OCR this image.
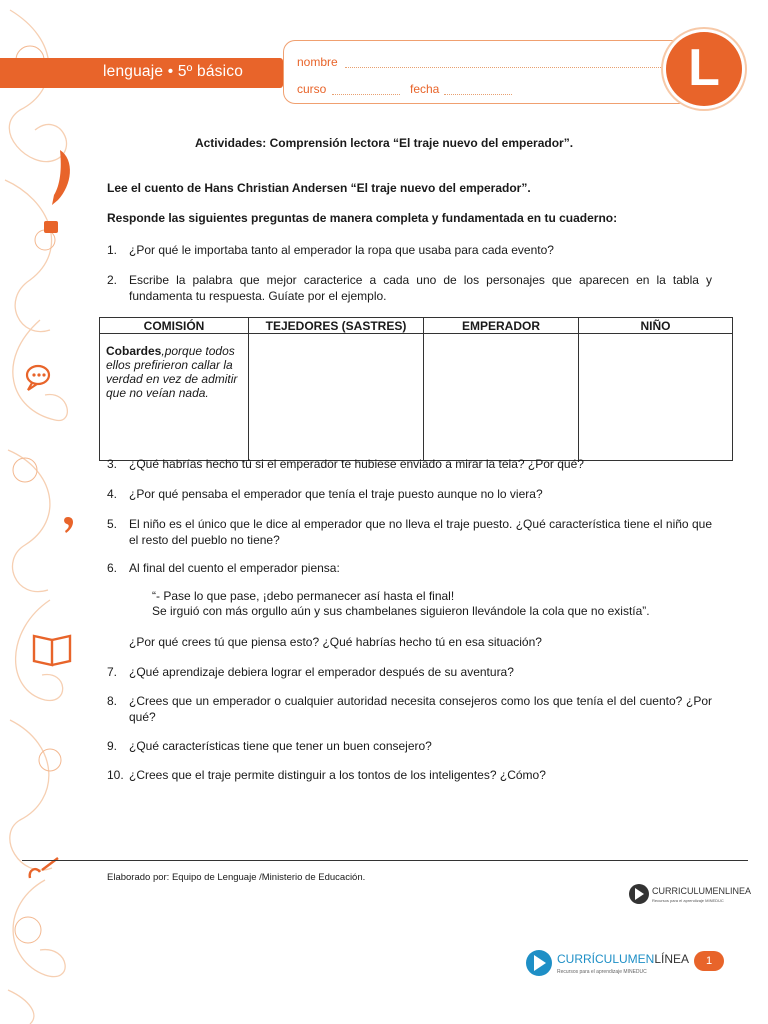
lenguaje • 5º básico
nombre
curso	fecha	L
Actividades: Comprensión lectora “El traje nuevo del emperador”.
Lee el cuento de Hans Christian Andersen “El traje nuevo del emperador”.
Responde las siguientes preguntas de manera completa y fundamentada en tu cuaderno:
1. ¿Por qué le importaba tanto al emperador la ropa que usaba para cada evento?
2. Escribe la palabra que mejor caracterice a cada uno de los personajes que aparecen en la tabla y fundamenta tu respuesta. Guíate por el ejemplo.
COMISIÓN	TEJEDORES (SASTRES)	EMPERADOR	NIÑO
Cobardes,porque todos ellos prefirieron callar la verdad en vez de admitir que no veían nada.			
3. ¿Qué habrías hecho tú si el emperador te hubiese enviado a mirar la tela? ¿Por qué?
4. ¿Por qué pensaba el emperador que tenía el traje puesto aunque no lo viera?
5. El niño es el único que le dice al emperador que no lleva el traje puesto. ¿Qué característica tiene el niño que el resto del pueblo no tiene?
6. Al final del cuento el emperador piensa:
“- Pase lo que pase, ¡debo permanecer así hasta el final!
Se irguió con más orgullo aún y sus chambelanes siguieron llevándole la cola que no existía”.
¿Por qué crees tú que piensa esto? ¿Qué habrías hecho tú en esa situación?
7. ¿Qué aprendizaje debiera lograr el emperador después de su aventura?
8. ¿Crees que un emperador o cualquier autoridad necesita consejeros como los que tenía el del cuento? ¿Por qué?
9. ¿Qué características tiene que tener un buen consejero?
10. ¿Crees que el traje permite distinguir a los tontos de los inteligentes? ¿Cómo?
Elaborado por: Equipo de Lenguaje /Ministerio de Educación.
CURRICULUMENLINEA
Recursos para el aprendizaje MINEDUC
CURRÍCULUMENLÍNEA
Recursos para el aprendizaje MINEDUC
1
